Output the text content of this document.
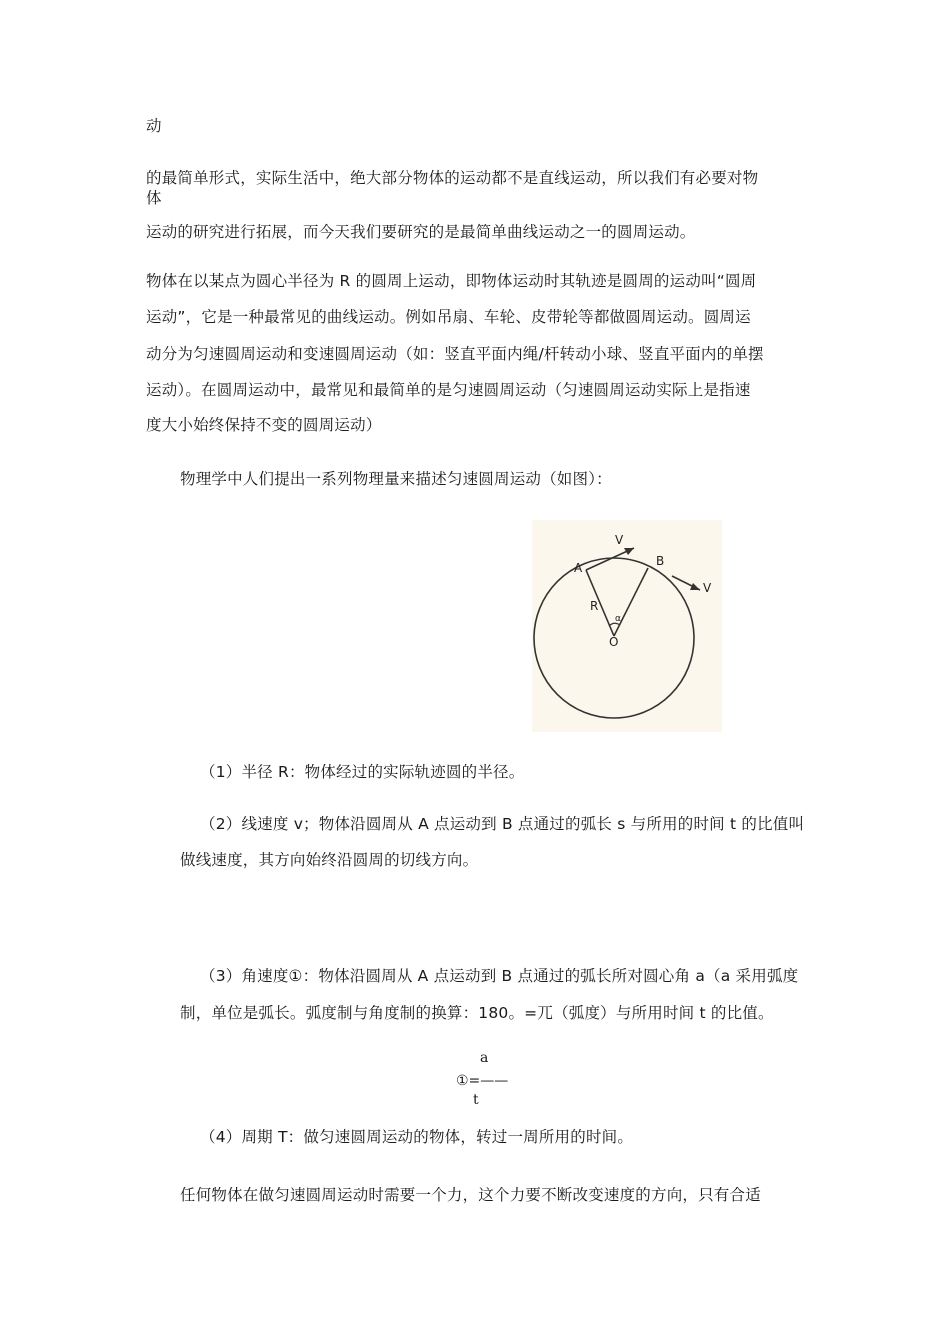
动
的最简单形式，实际生活中，绝大部分物体的运动都不是直线运动，所以我们有必要对物
体
运动的研究进行拓展，而今天我们要研究的是最简单曲线运动之一的圆周运动。
物体在以某点为圆心半径为 R 的圆周上运动，即物体运动时其轨迹是圆周的运动叫“圆周
运动”，它是一种最常见的曲线运动。例如吊扇、车轮、皮带轮等都做圆周运动。圆周运
动分为匀速圆周运动和变速圆周运动（如：竖直平面内绳/杆转动小球、竖直平面内的单摆
运动）。在圆周运动中，最常见和最简单的是匀速圆周运动（匀速圆周运动实际上是指速
度大小始终保持不变的圆周运动）
物理学中人们提出一系列物理量来描述匀速圆周运动（如图）：
A	B
R
O
V
V
α
（1）半径 R：物体经过的实际轨迹圆的半径。
（2）线速度 v；物体沿圆周从 A 点运动到 B 点通过的弧长 s 与所用的时间 t 的比值叫
做线速度，其方向始终沿圆周的切线方向。
（3）角速度①：物体沿圆周从 A 点运动到 B 点通过的弧长所对圆心角 a（a 采用弧度
制，单位是弧长。弧度制与角度制的换算：180。=兀（弧度）与所用时间 t 的比值。
a
①=——
t
（4）周期 T：做匀速圆周运动的物体，转过一周所用的时间。
任何物体在做匀速圆周运动时需要一个力，这个力要不断改变速度的方向，只有合适
